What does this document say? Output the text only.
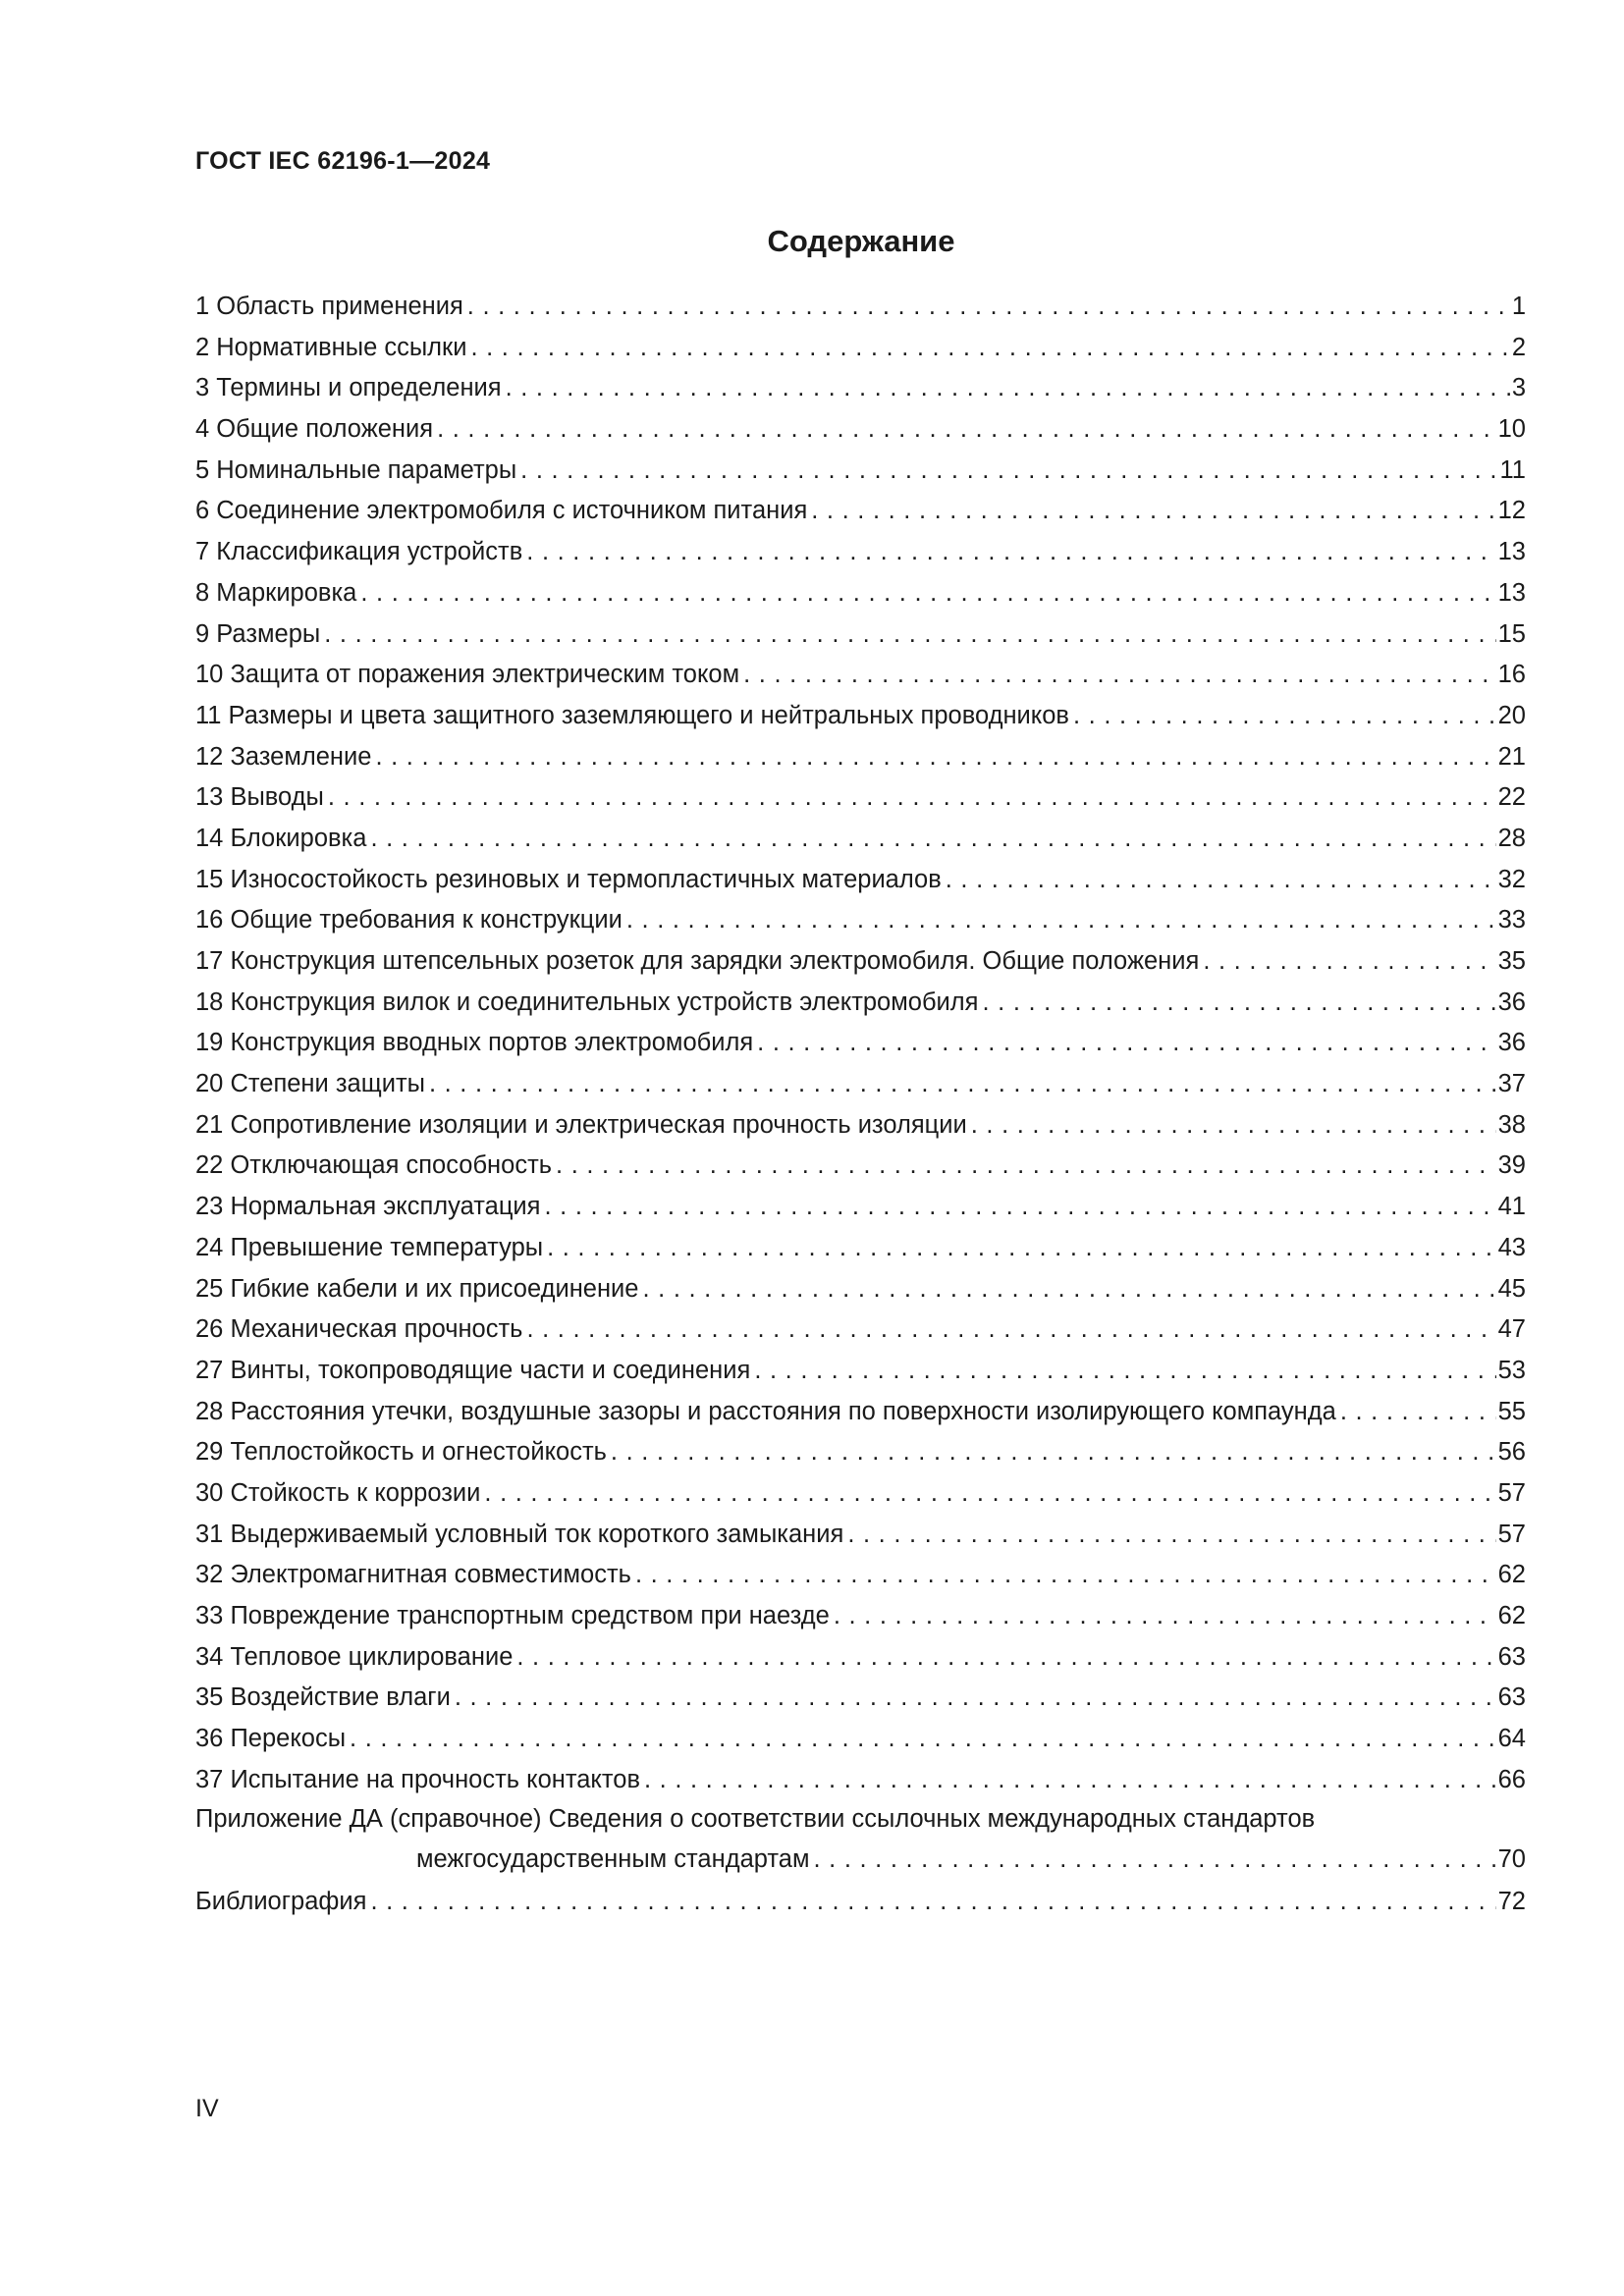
ГОСТ IEC 62196-1—2024
Содержание
1 Область применения . . .	1
2 Нормативные ссылки . . .	2
3 Термины и определения . . .	3
4 Общие положения . . .	10
5 Номинальные параметры . . .	11
6 Соединение электромобиля с источником питания . . .	12
7 Классификация устройств . . .	13
8 Маркировка . . .	13
9 Размеры . . .	15
10 Защита от поражения электрическим током . . .	16
11 Размеры и цвета защитного заземляющего и нейтральных проводников . . .	20
12 Заземление . . .	21
13 Выводы . . .	22
14 Блокировка . . .	28
15 Износостойкость резиновых и термопластичных материалов . . .	32
16 Общие требования к конструкции . . .	33
17 Конструкция штепсельных розеток для зарядки электромобиля. Общие положения . . .	35
18 Конструкция вилок и соединительных устройств электромобиля . . .	36
19 Конструкция вводных портов электромобиля . . .	36
20 Степени защиты . . .	37
21 Сопротивление изоляции и электрическая прочность изоляции . . .	38
22 Отключающая способность . . .	39
23 Нормальная эксплуатация . . .	41
24 Превышение температуры . . .	43
25 Гибкие кабели и их присоединение . . .	45
26 Механическая прочность . . .	47
27 Винты, токопроводящие части и соединения . . .	53
28 Расстояния утечки, воздушные зазоры и расстояния по поверхности изолирующего компаунда . . .	55
29 Теплостойкость и огнестойкость . . .	56
30 Стойкость к коррозии . . .	57
31 Выдерживаемый условный ток короткого замыкания . . .	57
32 Электромагнитная совместимость . . .	62
33 Повреждение транспортным средством при наезде . . .	62
34 Тепловое циклирование . . .	63
35 Воздействие влаги . . .	63
36 Перекосы . . .	64
37 Испытание на прочность контактов . . .	66
Приложение ДА (справочное) Сведения о соответствии ссылочных международных стандартов
межгосударственным стандартам . . .	70
Библиография . . .	72
IV
